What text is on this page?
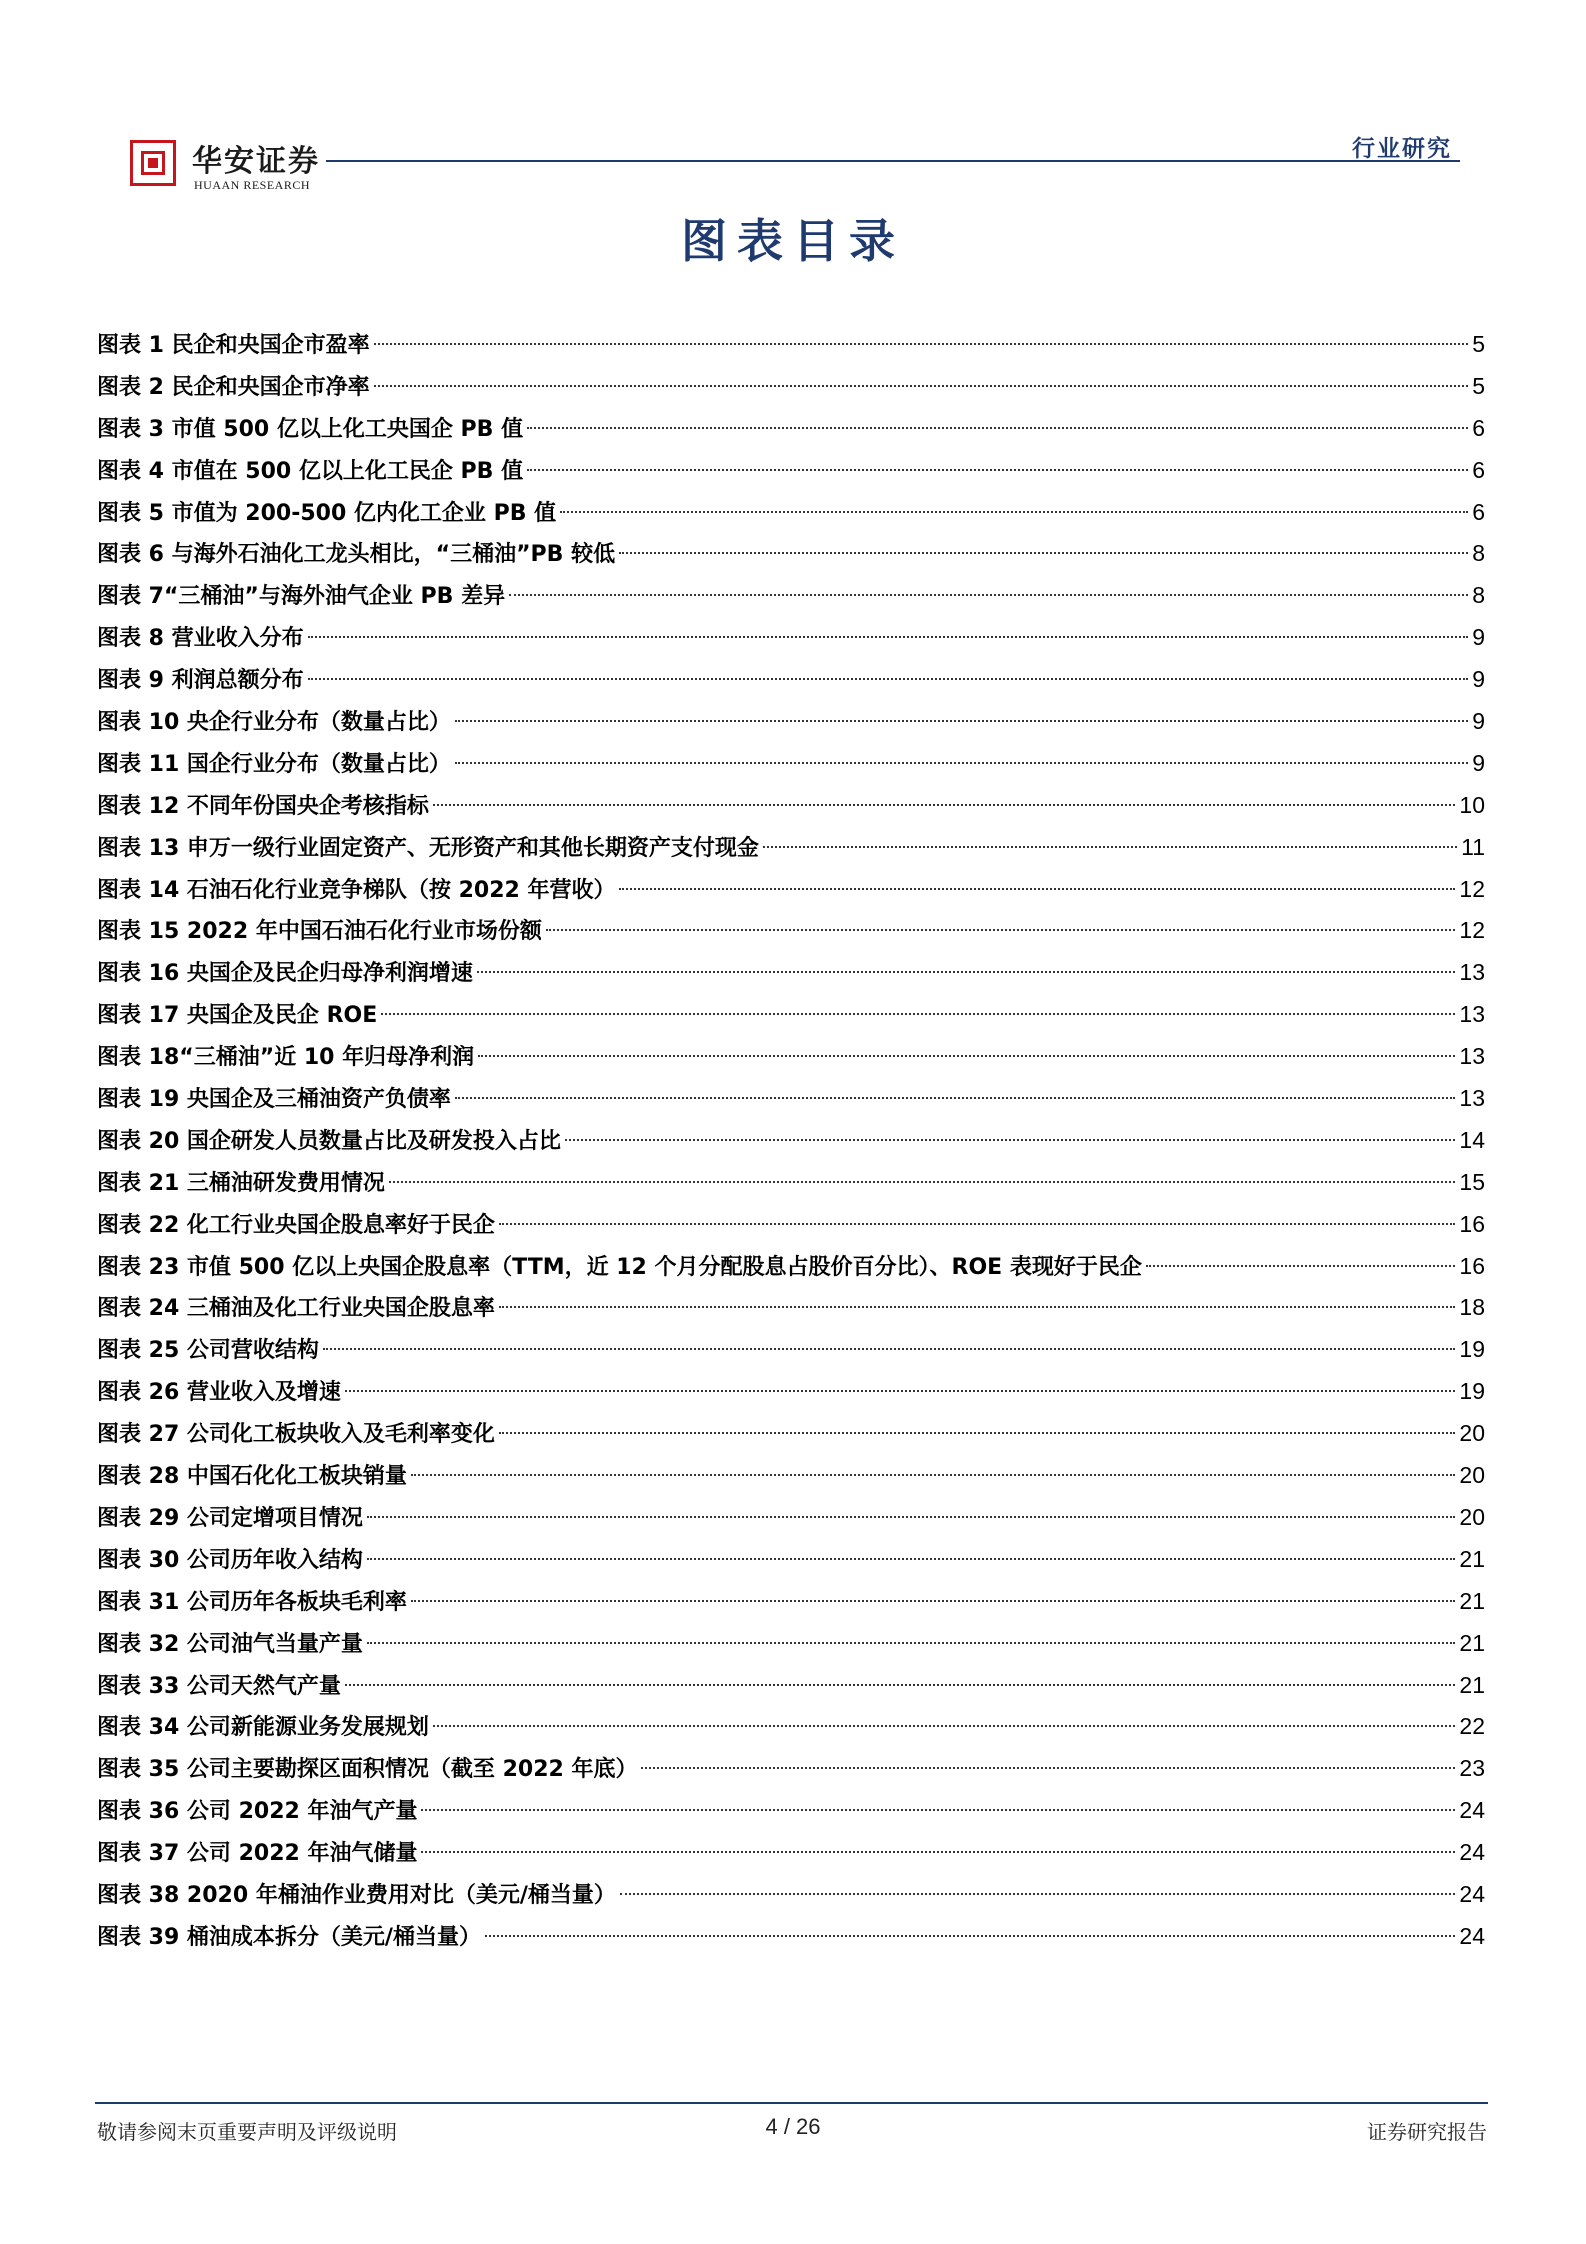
华安证券
HUAAN RESEARCH
行业研究
图表目录
图表 1 民企和央国企市盈率	5
图表 2 民企和央国企市净率	5
图表 3 市值 500 亿以上化工央国企 PB 值	6
图表 4 市值在 500 亿以上化工民企 PB 值	6
图表 5 市值为 200-500 亿内化工企业 PB 值	6
图表 6 与海外石油化工龙头相比，“三桶油”PB 较低	8
图表 7“三桶油”与海外油气企业 PB 差异	8
图表 8 营业收入分布	9
图表 9 利润总额分布	9
图表 10 央企行业分布（数量占比）	9
图表 11 国企行业分布（数量占比）	9
图表 12 不同年份国央企考核指标	10
图表 13 申万一级行业固定资产、无形资产和其他长期资产支付现金	11
图表 14 石油石化行业竞争梯队（按 2022 年营收）	12
图表 15 2022 年中国石油石化行业市场份额	12
图表 16 央国企及民企归母净利润增速	13
图表 17 央国企及民企 ROE	13
图表 18“三桶油”近 10 年归母净利润	13
图表 19 央国企及三桶油资产负债率	13
图表 20 国企研发人员数量占比及研发投入占比	14
图表 21 三桶油研发费用情况	15
图表 22 化工行业央国企股息率好于民企	16
图表 23 市值 500 亿以上央国企股息率（TTM，近 12 个月分配股息占股价百分比）、ROE 表现好于民企	16
图表 24 三桶油及化工行业央国企股息率	18
图表 25 公司营收结构	19
图表 26 营业收入及增速	19
图表 27 公司化工板块收入及毛利率变化	20
图表 28 中国石化化工板块销量	20
图表 29 公司定增项目情况	20
图表 30 公司历年收入结构	21
图表 31 公司历年各板块毛利率	21
图表 32 公司油气当量产量	21
图表 33 公司天然气产量	21
图表 34 公司新能源业务发展规划	22
图表 35 公司主要勘探区面积情况（截至 2022 年底）	23
图表 36 公司 2022 年油气产量	24
图表 37 公司 2022 年油气储量	24
图表 38 2020 年桶油作业费用对比（美元/桶当量）	24
图表 39 桶油成本拆分（美元/桶当量）	24
敬请参阅末页重要声明及评级说明	4 / 26	证券研究报告
